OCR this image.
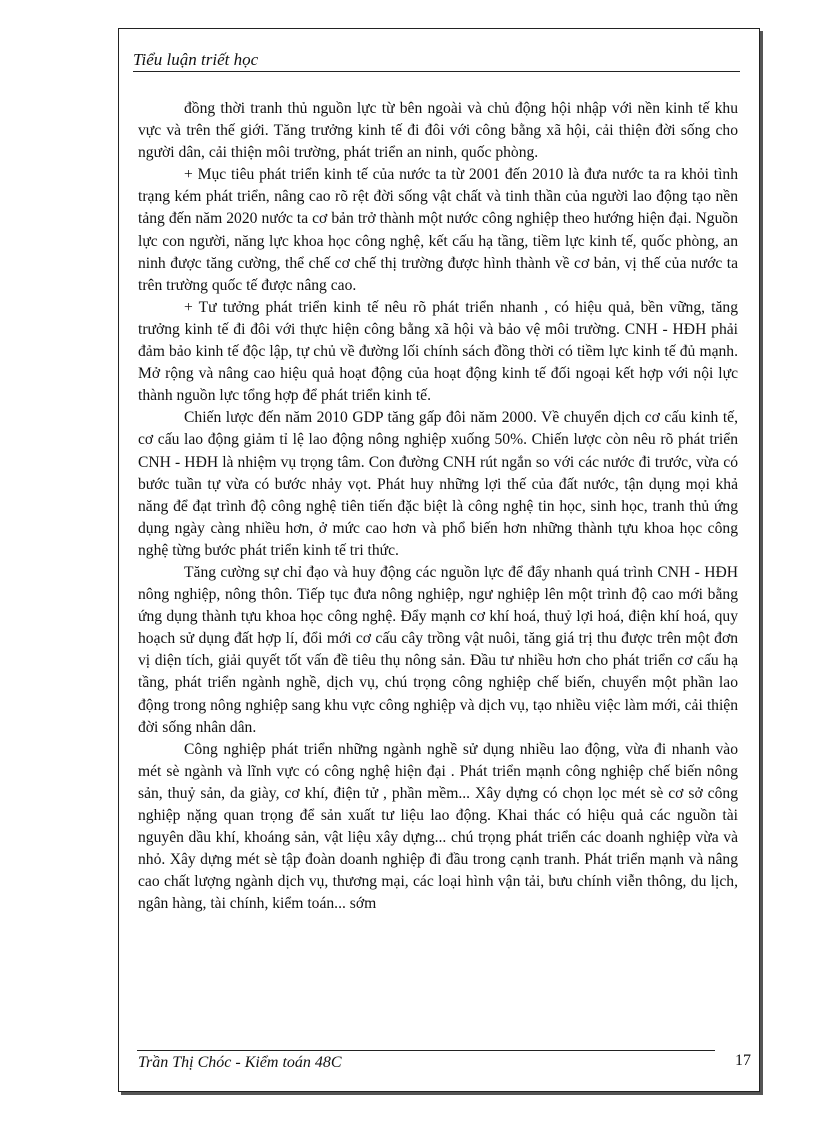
Tiểu luận triết học

đồng thời tranh thủ nguồn lực từ bên ngoài và chủ động hội nhập với nền kinh tế khu vực và trên thế giới. Tăng trưởng kinh tế đi đôi với công bằng xã hội, cải thiện đời sống cho người dân, cải thiện môi trường, phát triển an ninh, quốc phòng.

+ Mục tiêu phát triển kinh tế của nước ta từ 2001 đến 2010 là đưa nước ta ra khỏi tình trạng kém phát triển, nâng cao rõ rệt đời sống vật chất và tinh thần của người lao động tạo nền tảng đến năm 2020 nước ta cơ bản trở thành một nước công nghiệp theo hướng hiện đại. Nguồn lực con người, năng lực khoa học công nghệ, kết cấu hạ tầng, tiềm lực kinh tế, quốc phòng, an ninh được tăng cường, thể chế cơ chế thị trường được hình thành về cơ bản, vị thế của nước ta trên trường quốc tế được nâng cao.

+ Tư tưởng phát triển kinh tế nêu rõ phát triển nhanh , có hiệu quả, bền vững, tăng trưởng kinh tế đi đôi với thực hiện công bằng xã hội và bảo vệ môi trường. CNH - HĐH phải đảm bảo kinh tế độc lập, tự chủ về đường lối chính sách đồng thời có tiềm lực kinh tế đủ mạnh. Mở rộng và nâng cao hiệu quả hoạt động của hoạt động kinh tế đối ngoại kết hợp với nội lực thành nguồn lực tổng hợp để phát triển kinh tế.

Chiến lược đến năm 2010 GDP tăng gấp đôi năm 2000. Về chuyển dịch cơ cấu kinh tế, cơ cấu lao động giảm tỉ lệ lao động nông nghiệp xuống 50%. Chiến lược còn nêu rõ phát triển CNH - HĐH là nhiệm vụ trọng tâm. Con đường CNH rút ngắn so với các nước đi trước, vừa có bước tuần tự vừa có bước nhảy vọt. Phát huy những lợi thế của đất nước, tận dụng mọi khả năng để đạt trình độ công nghệ tiên tiến đặc biệt là công nghệ tin học, sinh học, tranh thủ ứng dụng ngày càng nhiều hơn, ở mức cao hơn và phổ biến hơn những thành tựu khoa học công nghệ từng bước phát triển kinh tế tri thức.

Tăng cường sự chỉ đạo và huy động các nguồn lực để đẩy nhanh quá trình CNH - HĐH nông nghiệp, nông thôn. Tiếp tục đưa nông nghiệp, ngư nghiệp lên một trình độ cao mới bằng ứng dụng thành tựu khoa học công nghệ. Đẩy mạnh cơ khí hoá, thuỷ lợi hoá, điện khí hoá, quy hoạch sử dụng đất hợp lí, đổi mới cơ cấu cây trồng vật nuôi, tăng giá trị thu được trên một đơn vị diện tích, giải quyết tốt vấn đề tiêu thụ nông sản. Đầu tư nhiều hơn cho phát triển cơ cấu hạ tầng, phát triển ngành nghề, dịch vụ, chú trọng công nghiệp chế biến, chuyển một phần lao động trong nông nghiệp sang khu vực công nghiệp và dịch vụ, tạo nhiều việc làm mới, cải thiện đời sống nhân dân.

Công nghiệp phát triển những ngành nghề sử dụng nhiều lao động, vừa đi nhanh vào mét sè ngành và lĩnh vực có công nghệ hiện đại . Phát triển mạnh công nghiệp chế biến nông sản, thuỷ sản, da giày, cơ khí, điện tử , phần mềm... Xây dựng có chọn lọc mét sè cơ sở công nghiệp nặng quan trọng để sản xuất tư liệu lao động. Khai thác có hiệu quả các nguồn tài nguyên dầu khí, khoáng sản, vật liệu xây dựng... chú trọng phát triển các doanh nghiệp vừa và nhỏ. Xây dựng mét sè tập đoàn doanh nghiệp đi đầu trong cạnh tranh. Phát triển mạnh và nâng cao chất lượng ngành dịch vụ, thương mại, các loại hình vận tải, bưu chính viễn thông, du lịch, ngân hàng, tài chính, kiểm toán... sớm

Trần Thị Chóc - Kiểm toán 48C	17
